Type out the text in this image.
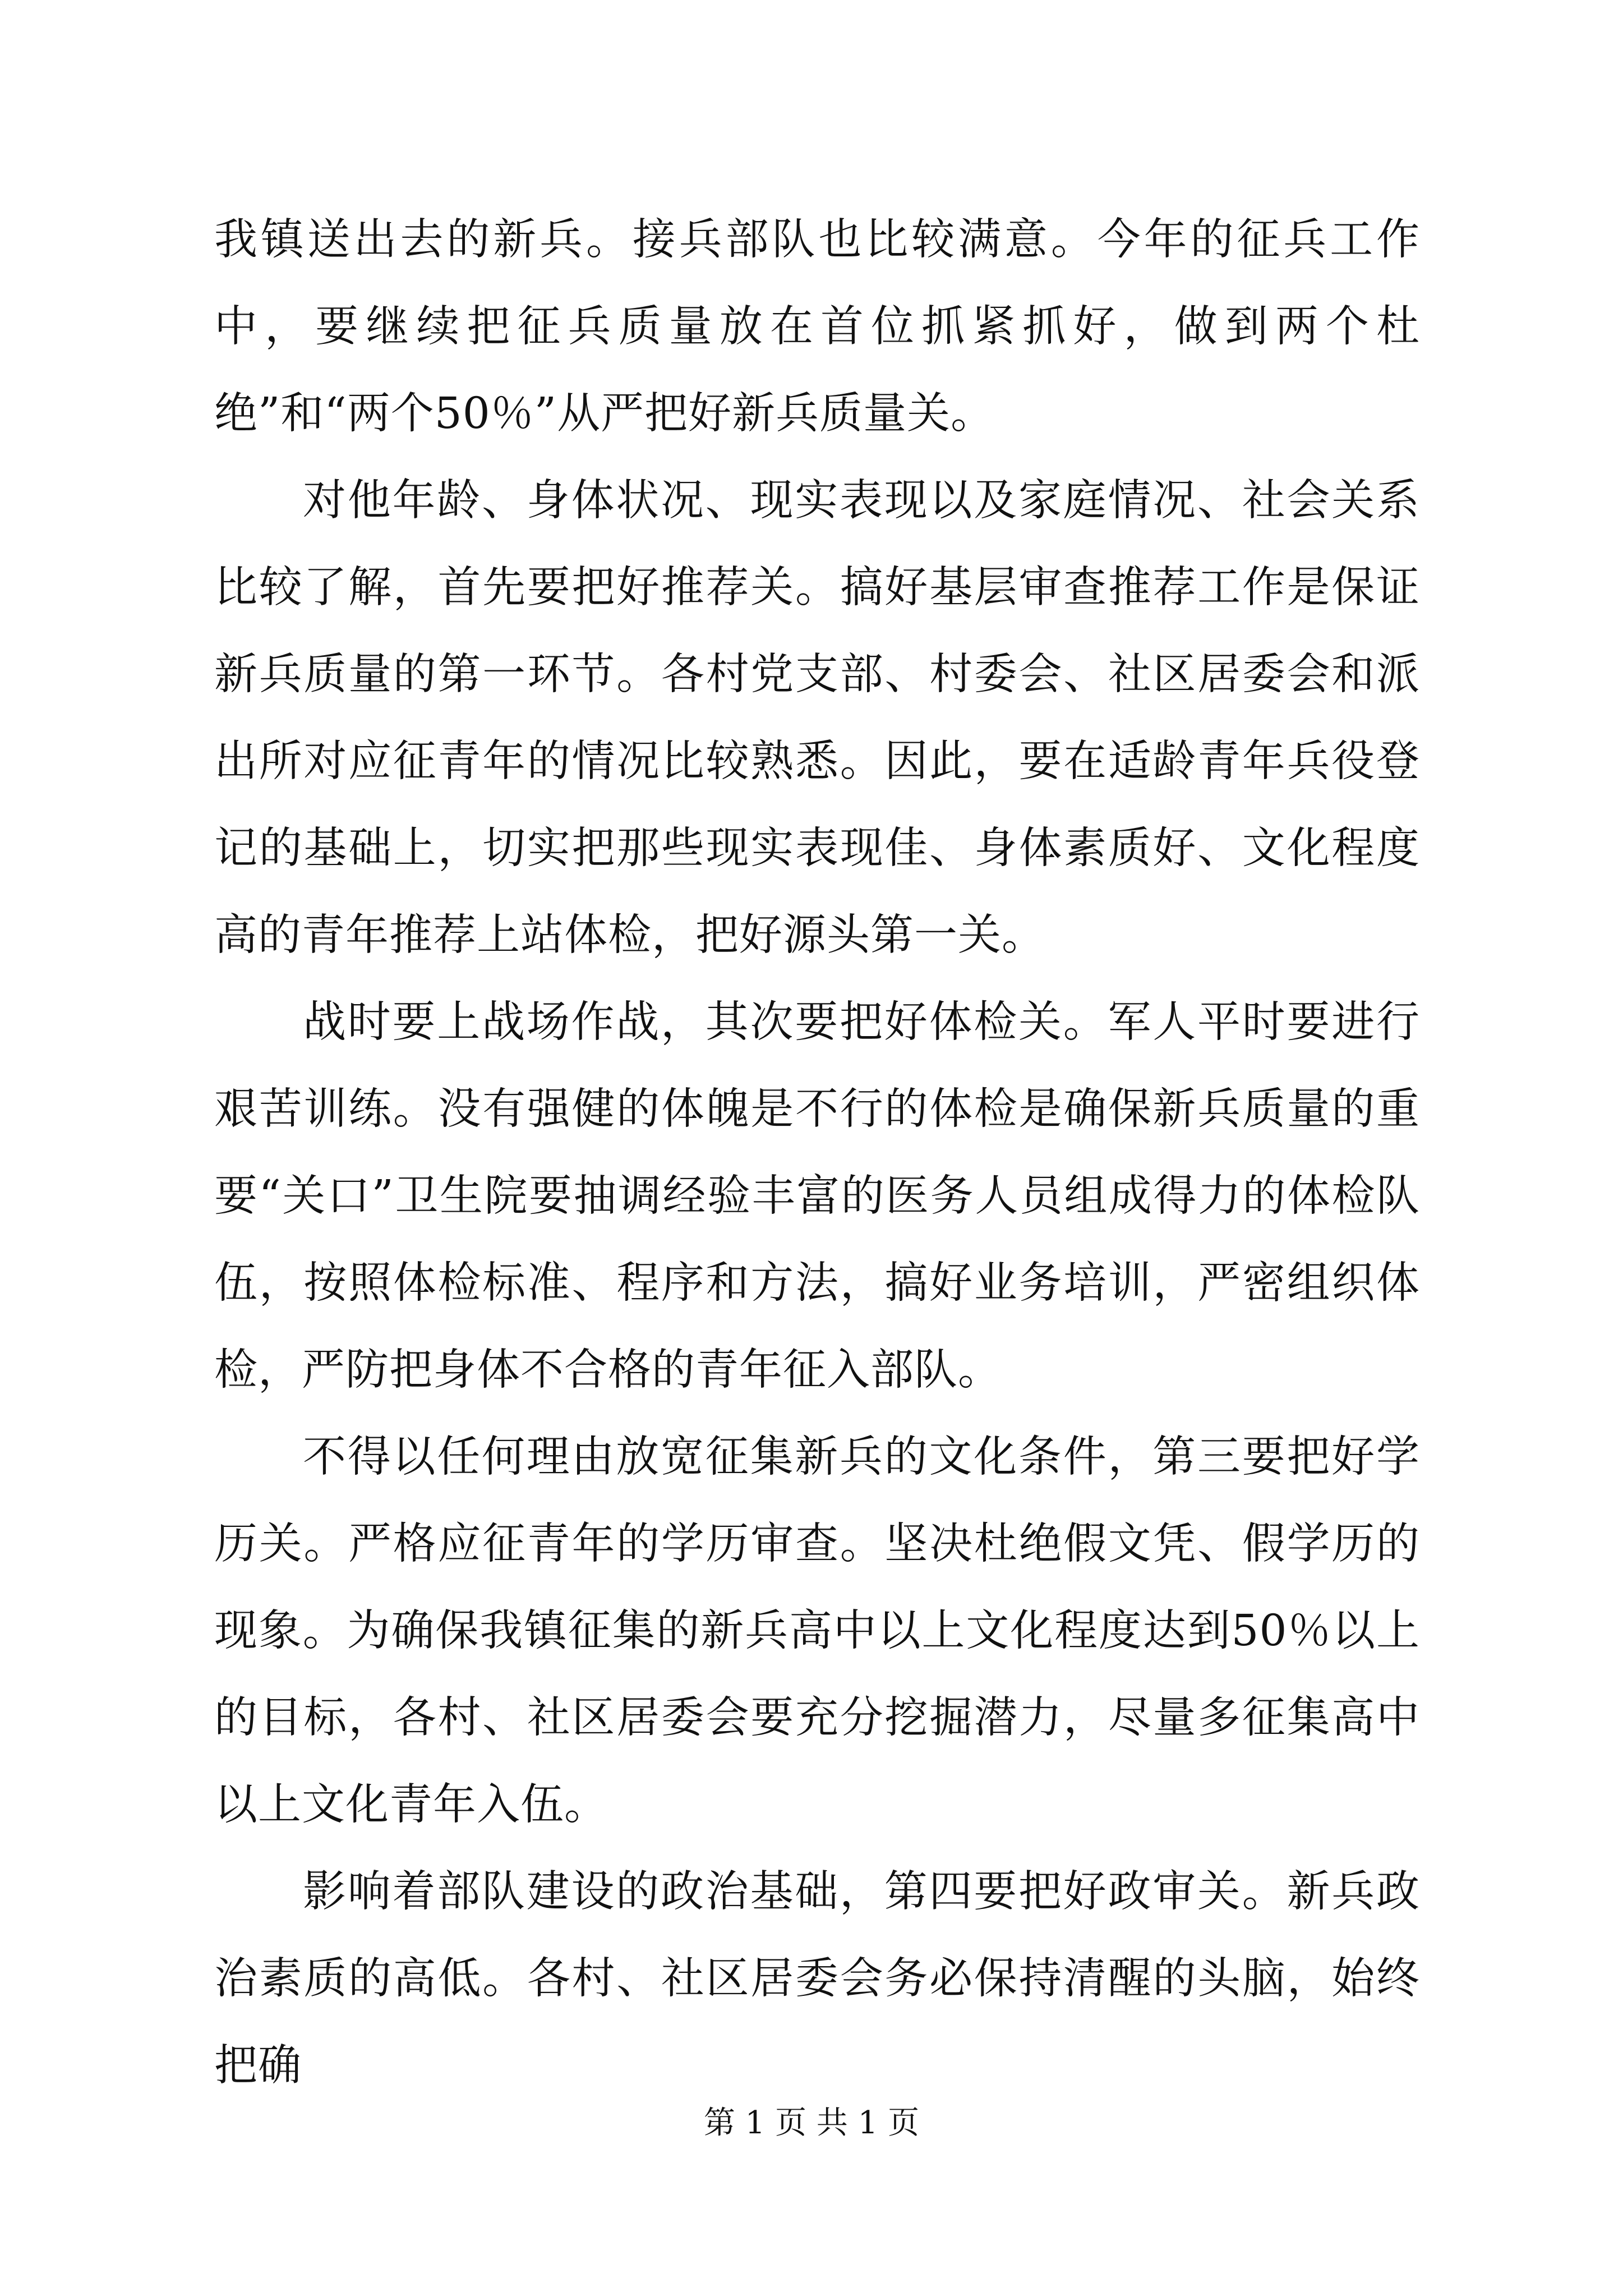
我镇送出去的新兵。接兵部队也比较满意。今年的征兵工作中，要继续把征兵质量放在首位抓紧抓好，做到两个杜绝”和“两个50％”从严把好新兵质量关。

对他年龄、身体状况、现实表现以及家庭情况、社会关系比较了解，首先要把好推荐关。搞好基层审查推荐工作是保证新兵质量的第一环节。各村党支部、村委会、社区居委会和派出所对应征青年的情况比较熟悉。因此，要在适龄青年兵役登记的基础上，切实把那些现实表现佳、身体素质好、文化程度高的青年推荐上站体检，把好源头第一关。

战时要上战场作战，其次要把好体检关。军人平时要进行艰苦训练。没有强健的体魄是不行的体检是确保新兵质量的重要“关口”卫生院要抽调经验丰富的医务人员组成得力的体检队伍，按照体检标准、程序和方法，搞好业务培训，严密组织体检，严防把身体不合格的青年征入部队。

不得以任何理由放宽征集新兵的文化条件，第三要把好学历关。严格应征青年的学历审查。坚决杜绝假文凭、假学历的现象。为确保我镇征集的新兵高中以上文化程度达到50％以上的目标，各村、社区居委会要充分挖掘潜力，尽量多征集高中以上文化青年入伍。

影响着部队建设的政治基础，第四要把好政审关。新兵政治素质的高低。各村、社区居委会务必保持清醒的头脑，始终把确

第 1 页 共 1 页
